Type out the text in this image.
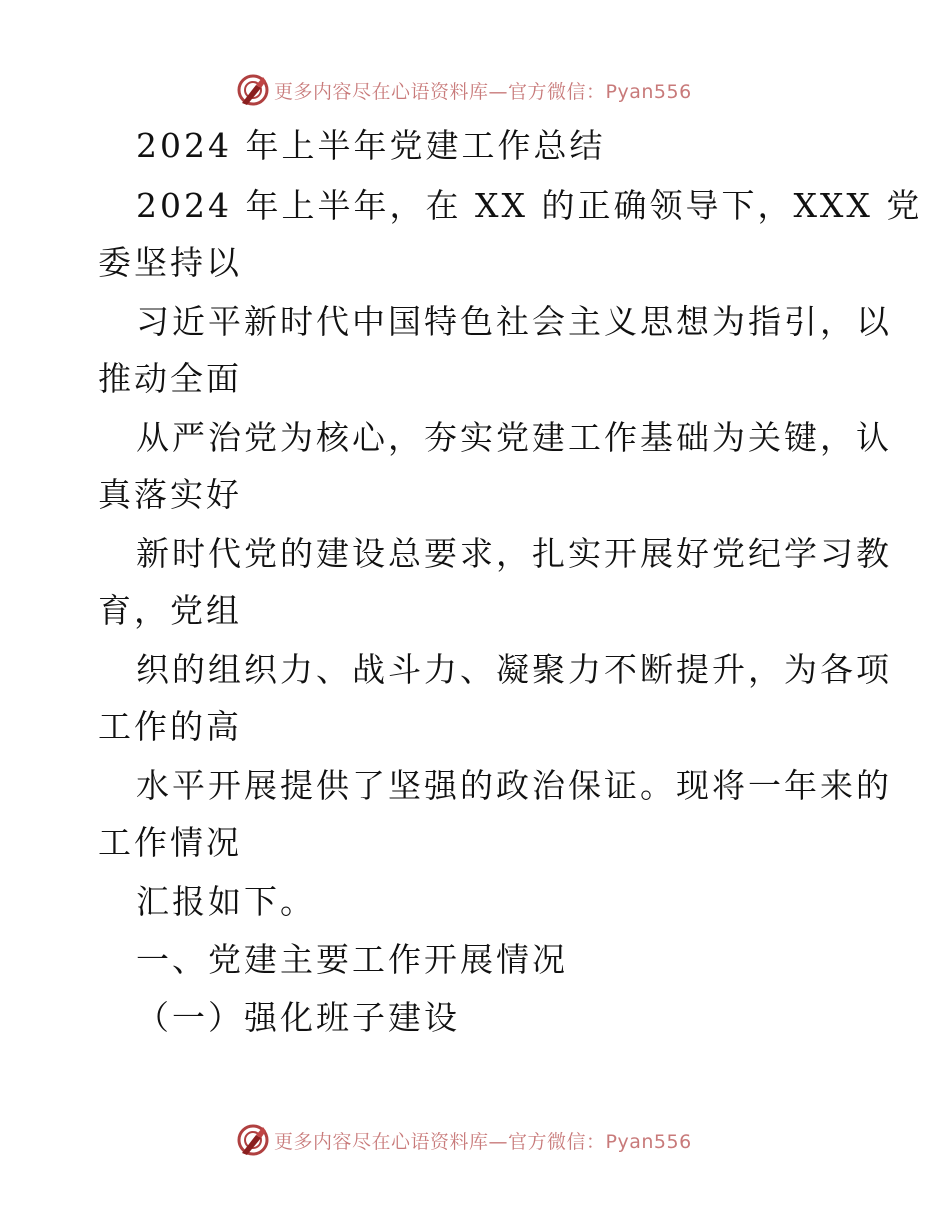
更多内容尽在心语资料库—官方微信：Pyan556

2024 年上半年党建工作总结

2024 年上半年，在 XX 的正确领导下，XXX 党

委坚持以

习近平新时代中国特色社会主义思想为指引，以

推动全面

从严治党为核心，夯实党建工作基础为关键，认

真落实好

新时代党的建设总要求，扎实开展好党纪学习教

育，党组

织的组织力、战斗力、凝聚力不断提升，为各项

工作的高

水平开展提供了坚强的政治保证。现将一年来的

工作情况

汇报如下。

一、党建主要工作开展情况

（一）强化班子建设

更多内容尽在心语资料库—官方微信：Pyan556
